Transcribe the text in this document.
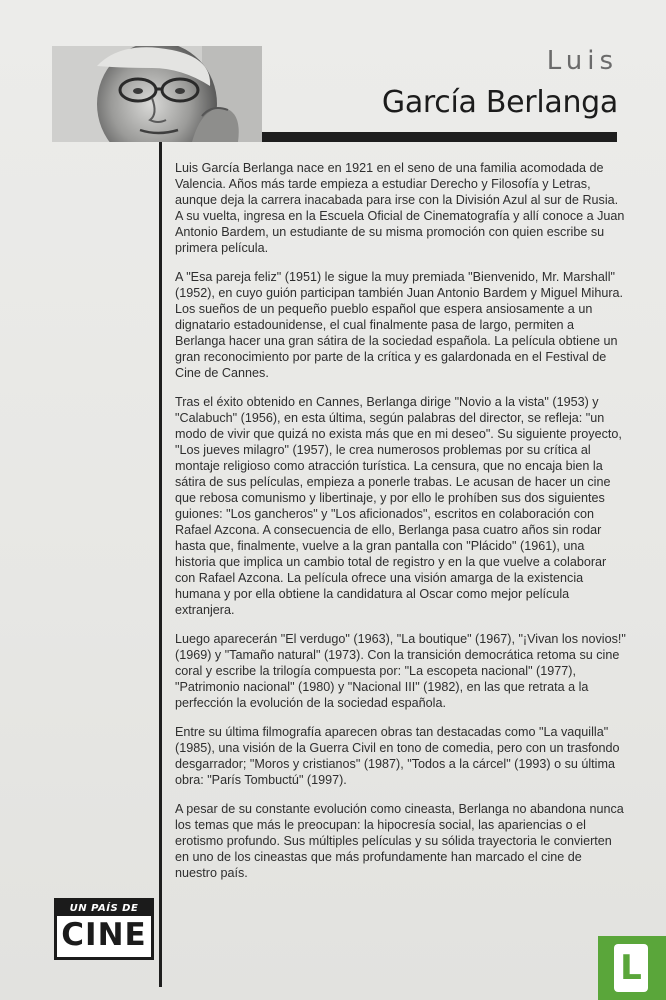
Luis
García Berlanga

Luis García Berlanga nace en 1921 en el seno de una familia acomodada de Valencia. Años más tarde empieza a estudiar Derecho y Filosofía y Letras, aunque deja la carrera inacabada para irse con la División Azul al sur de Rusia. A su vuelta, ingresa en la Escuela Oficial de Cinematografía y allí conoce a Juan Antonio Bardem, un estudiante de su misma promoción con quien escribe su primera película.

A "Esa pareja feliz" (1951) le sigue la muy premiada "Bienvenido, Mr. Marshall" (1952), en cuyo guión participan también Juan Antonio Bardem y Miguel Mihura. Los sueños de un pequeño pueblo español que espera ansiosamente a un dignatario estadounidense, el cual finalmente pasa de largo, permiten a Berlanga hacer una gran sátira de la sociedad española. La película obtiene un gran reconocimiento por parte de la crítica y es galardonada en el Festival de Cine de Cannes.

Tras el éxito obtenido en Cannes, Berlanga dirige "Novio a la vista" (1953) y "Calabuch" (1956), en esta última, según palabras del director, se refleja: "un modo de vivir que quizá no exista más que en mi deseo". Su siguiente proyecto, "Los jueves milagro" (1957), le crea numerosos problemas por su crítica al montaje religioso como atracción turística. La censura, que no encaja bien la sátira de sus películas, empieza a ponerle trabas. Le acusan de hacer un cine que rebosa comunismo y libertinaje, y por ello le prohíben sus dos siguientes guiones: "Los gancheros" y "Los aficionados", escritos en colaboración con Rafael Azcona. A consecuencia de ello, Berlanga pasa cuatro años sin rodar hasta que, finalmente, vuelve a la gran pantalla con "Plácido" (1961), una historia que implica un cambio total de registro y en la que vuelve a colaborar con Rafael Azcona. La película ofrece una visión amarga de la existencia humana y por ella obtiene la candidatura al Oscar como mejor película extranjera.

Luego aparecerán "El verdugo" (1963), "La boutique" (1967), "¡Vivan los novios!" (1969) y "Tamaño natural" (1973). Con la transición democrática retoma su cine coral y escribe la trilogía compuesta por: "La escopeta nacional" (1977), "Patrimonio nacional" (1980) y "Nacional III" (1982), en las que retrata a la perfección la evolución de la sociedad española.

Entre su última filmografía aparecen obras tan destacadas como "La vaquilla" (1985), una visión de la Guerra Civil en tono de comedia, pero con un trasfondo desgarrador; "Moros y cristianos" (1987), "Todos a la cárcel" (1993) o su última obra: "París Tombuctú" (1997).

A pesar de su constante evolución como cineasta, Berlanga no abandona nunca los temas que más le preocupan: la hipocresía social, las apariencias o el erotismo profundo. Sus múltiples películas y su sólida trayectoria le convierten en uno de los cineastas que más profundamente han marcado el cine de nuestro país.

UN PAÍS DE
CINE
L
